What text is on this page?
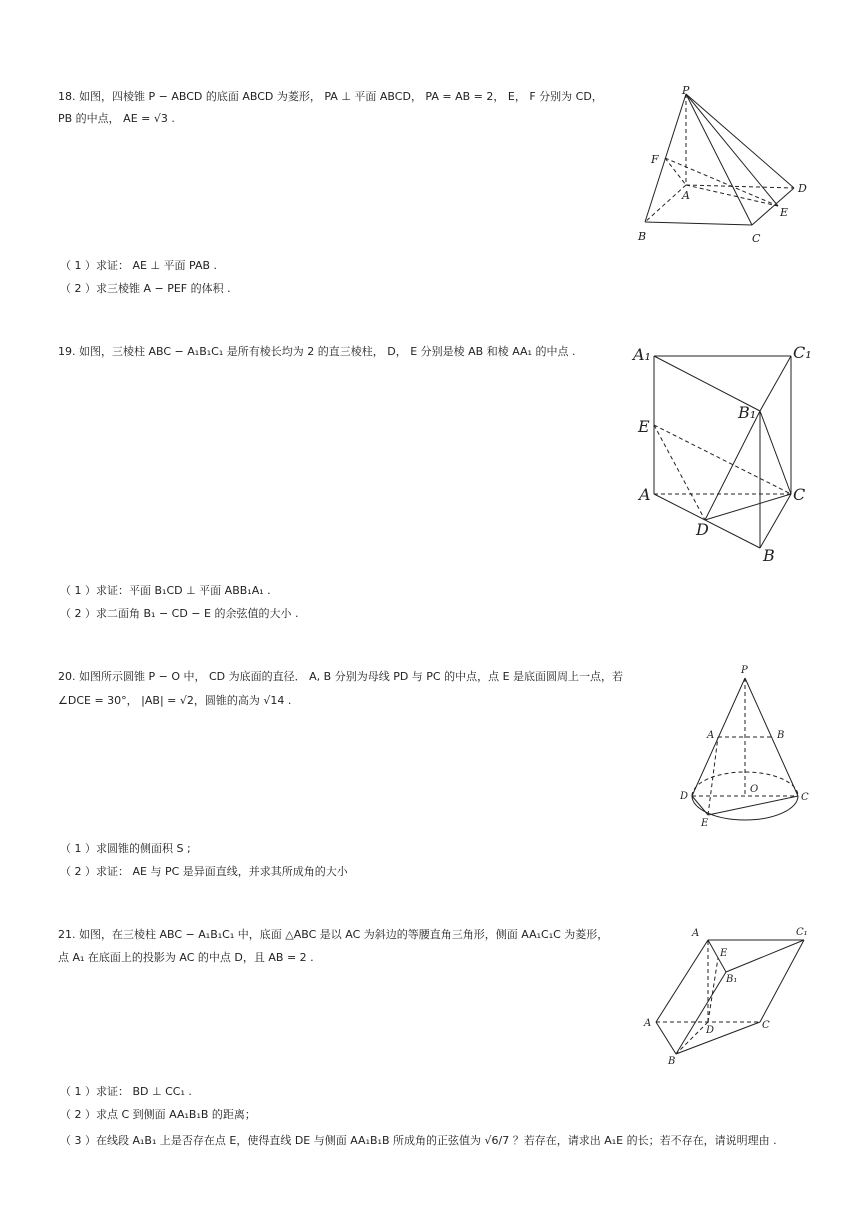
18. 如图，四棱锥 P − ABCD 的底面 ABCD 为菱形， PA ⊥ 平面 ABCD， PA = AB = 2， E， F 分别为 CD，
PB 的中点， AE = √3 .
（ 1 ）求证： AE ⊥ 平面 PAB .
（ 2 ）求三棱锥 A − PEF 的体积 .
P
F
A
D
E
B	C
19. 如图，三棱柱 ABC − A₁B₁C₁ 是所有棱长均为 2 的直三棱柱， D， E 分别是棱 AB 和棱 AA₁ 的中点 .
（ 1 ）求证：平面 B₁CD ⊥ 平面 ABB₁A₁ .
（ 2 ）求二面角 B₁ − CD − E 的余弦值的大小 .
A₁	C₁
B₁
E
A	C
D
B
20. 如图所示圆锥 P − O 中， CD 为底面的直径． A, B 分别为母线 PD 与 PC 的中点，点 E 是底面圆周上一点，若
∠DCE = 30°， |AB| = √2，圆锥的高为 √14 .
（ 1 ）求圆锥的侧面积 S ;
（ 2 ）求证： AE 与 PC 是异面直线，并求其所成角的大小
P
A	B
D
O
C
E
21. 如图，在三棱柱 ABC − A₁B₁C₁ 中，底面 △ABC 是以 AC 为斜边的等腰直角三角形，侧面 AA₁C₁C 为菱形，
点 A₁ 在底面上的投影为 AC 的中点 D，且 AB = 2 .
（ 1 ）求证： BD ⊥ CC₁ .
（ 2 ）求点 C 到侧面 AA₁B₁B 的距离；
（ 3 ）在线段 A₁B₁ 上是否存在点 E，使得直线 DE 与侧面 AA₁B₁B 所成角的正弦值为 √6/7 ？若存在，请求出 A₁E 的长；若不存在，请说明理由 .
A	C₁
E
B₁
A
D	C
B
